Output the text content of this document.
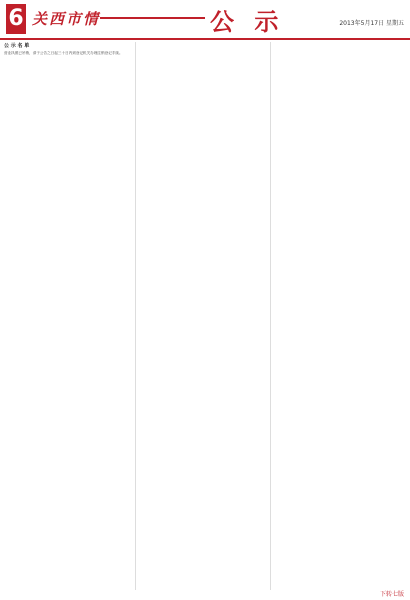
6 关西市情	公 示	2013年5月17日 星期五
公 示 名 单
营业执照已吊销，请于公告之日起三十日内到登记机关办理注销登记手续。
下转七版
